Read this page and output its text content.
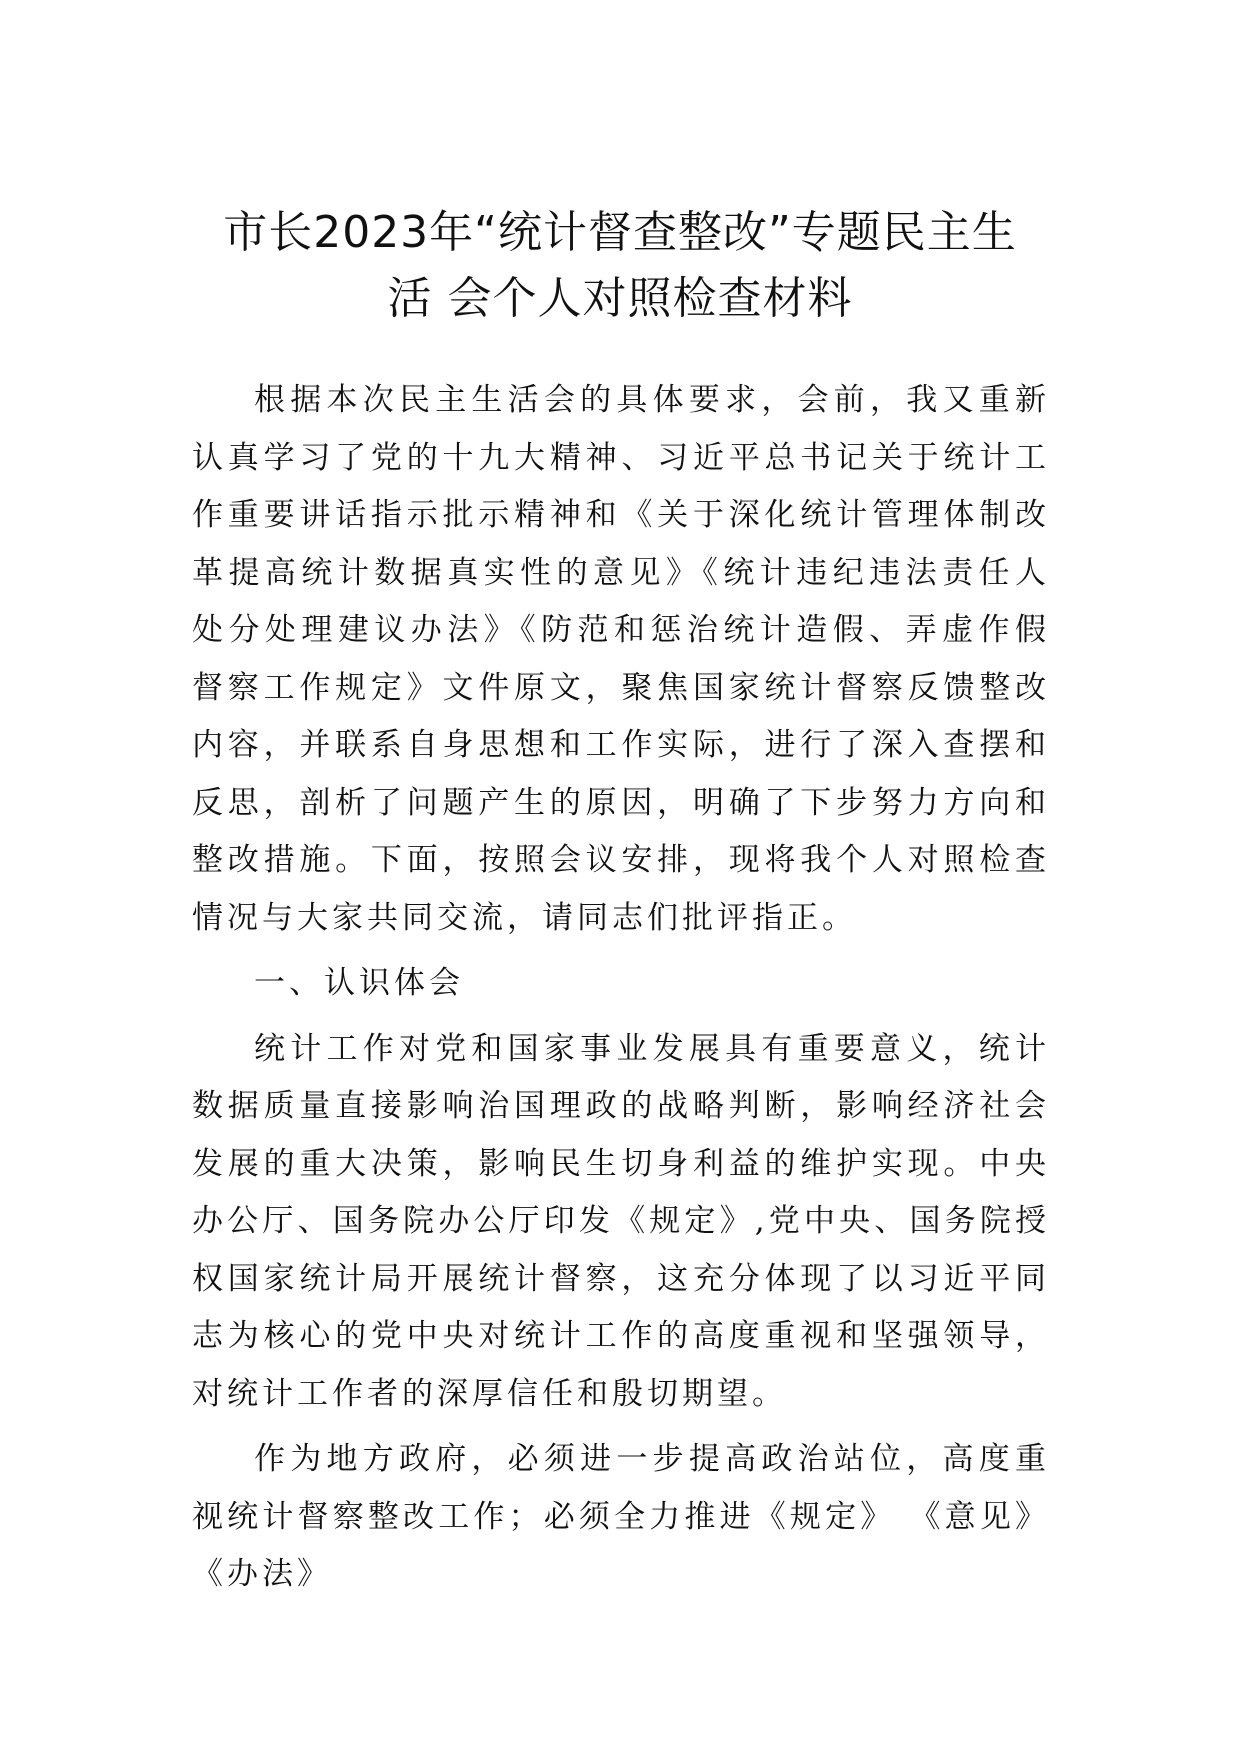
市长2023年“统计督查整改”专题民主生
活 会个人对照检查材料

根据本次民主生活会的具体要求，会前，我又重新认真学习了党的十九大精神、习近平总书记关于统计工作重要讲话指示批示精神和《关于深化统计管理体制改革提高统计数据真实性的意见》《统计违纪违法责任人处分处理建议办法》《防范和惩治统计造假、弄虚作假督察工作规定》文件原文，聚焦国家统计督察反馈整改内容，并联系自身思想和工作实际，进行了深入查摆和反思，剖析了问题产生的原因，明确了下步努力方向和整改措施。下面，按照会议安排，现将我个人对照检查情况与大家共同交流，请同志们批评指正。

一、认识体会

统计工作对党和国家事业发展具有重要意义，统计数据质量直接影响治国理政的战略判断，影响经济社会发展的重大决策，影响民生切身利益的维护实现。中央办公厅、国务院办公厅印发《规定》,党中央、国务院授权国家统计局开展统计督察，这充分体现了以习近平同志为核心的党中央对统计工作的高度重视和坚强领导，对统计工作者的深厚信任和殷切期望。

作为地方政府，必须进一步提高政治站位，高度重视统计督察整改工作；必须全力推进《规定》 《意见》 《办法》
